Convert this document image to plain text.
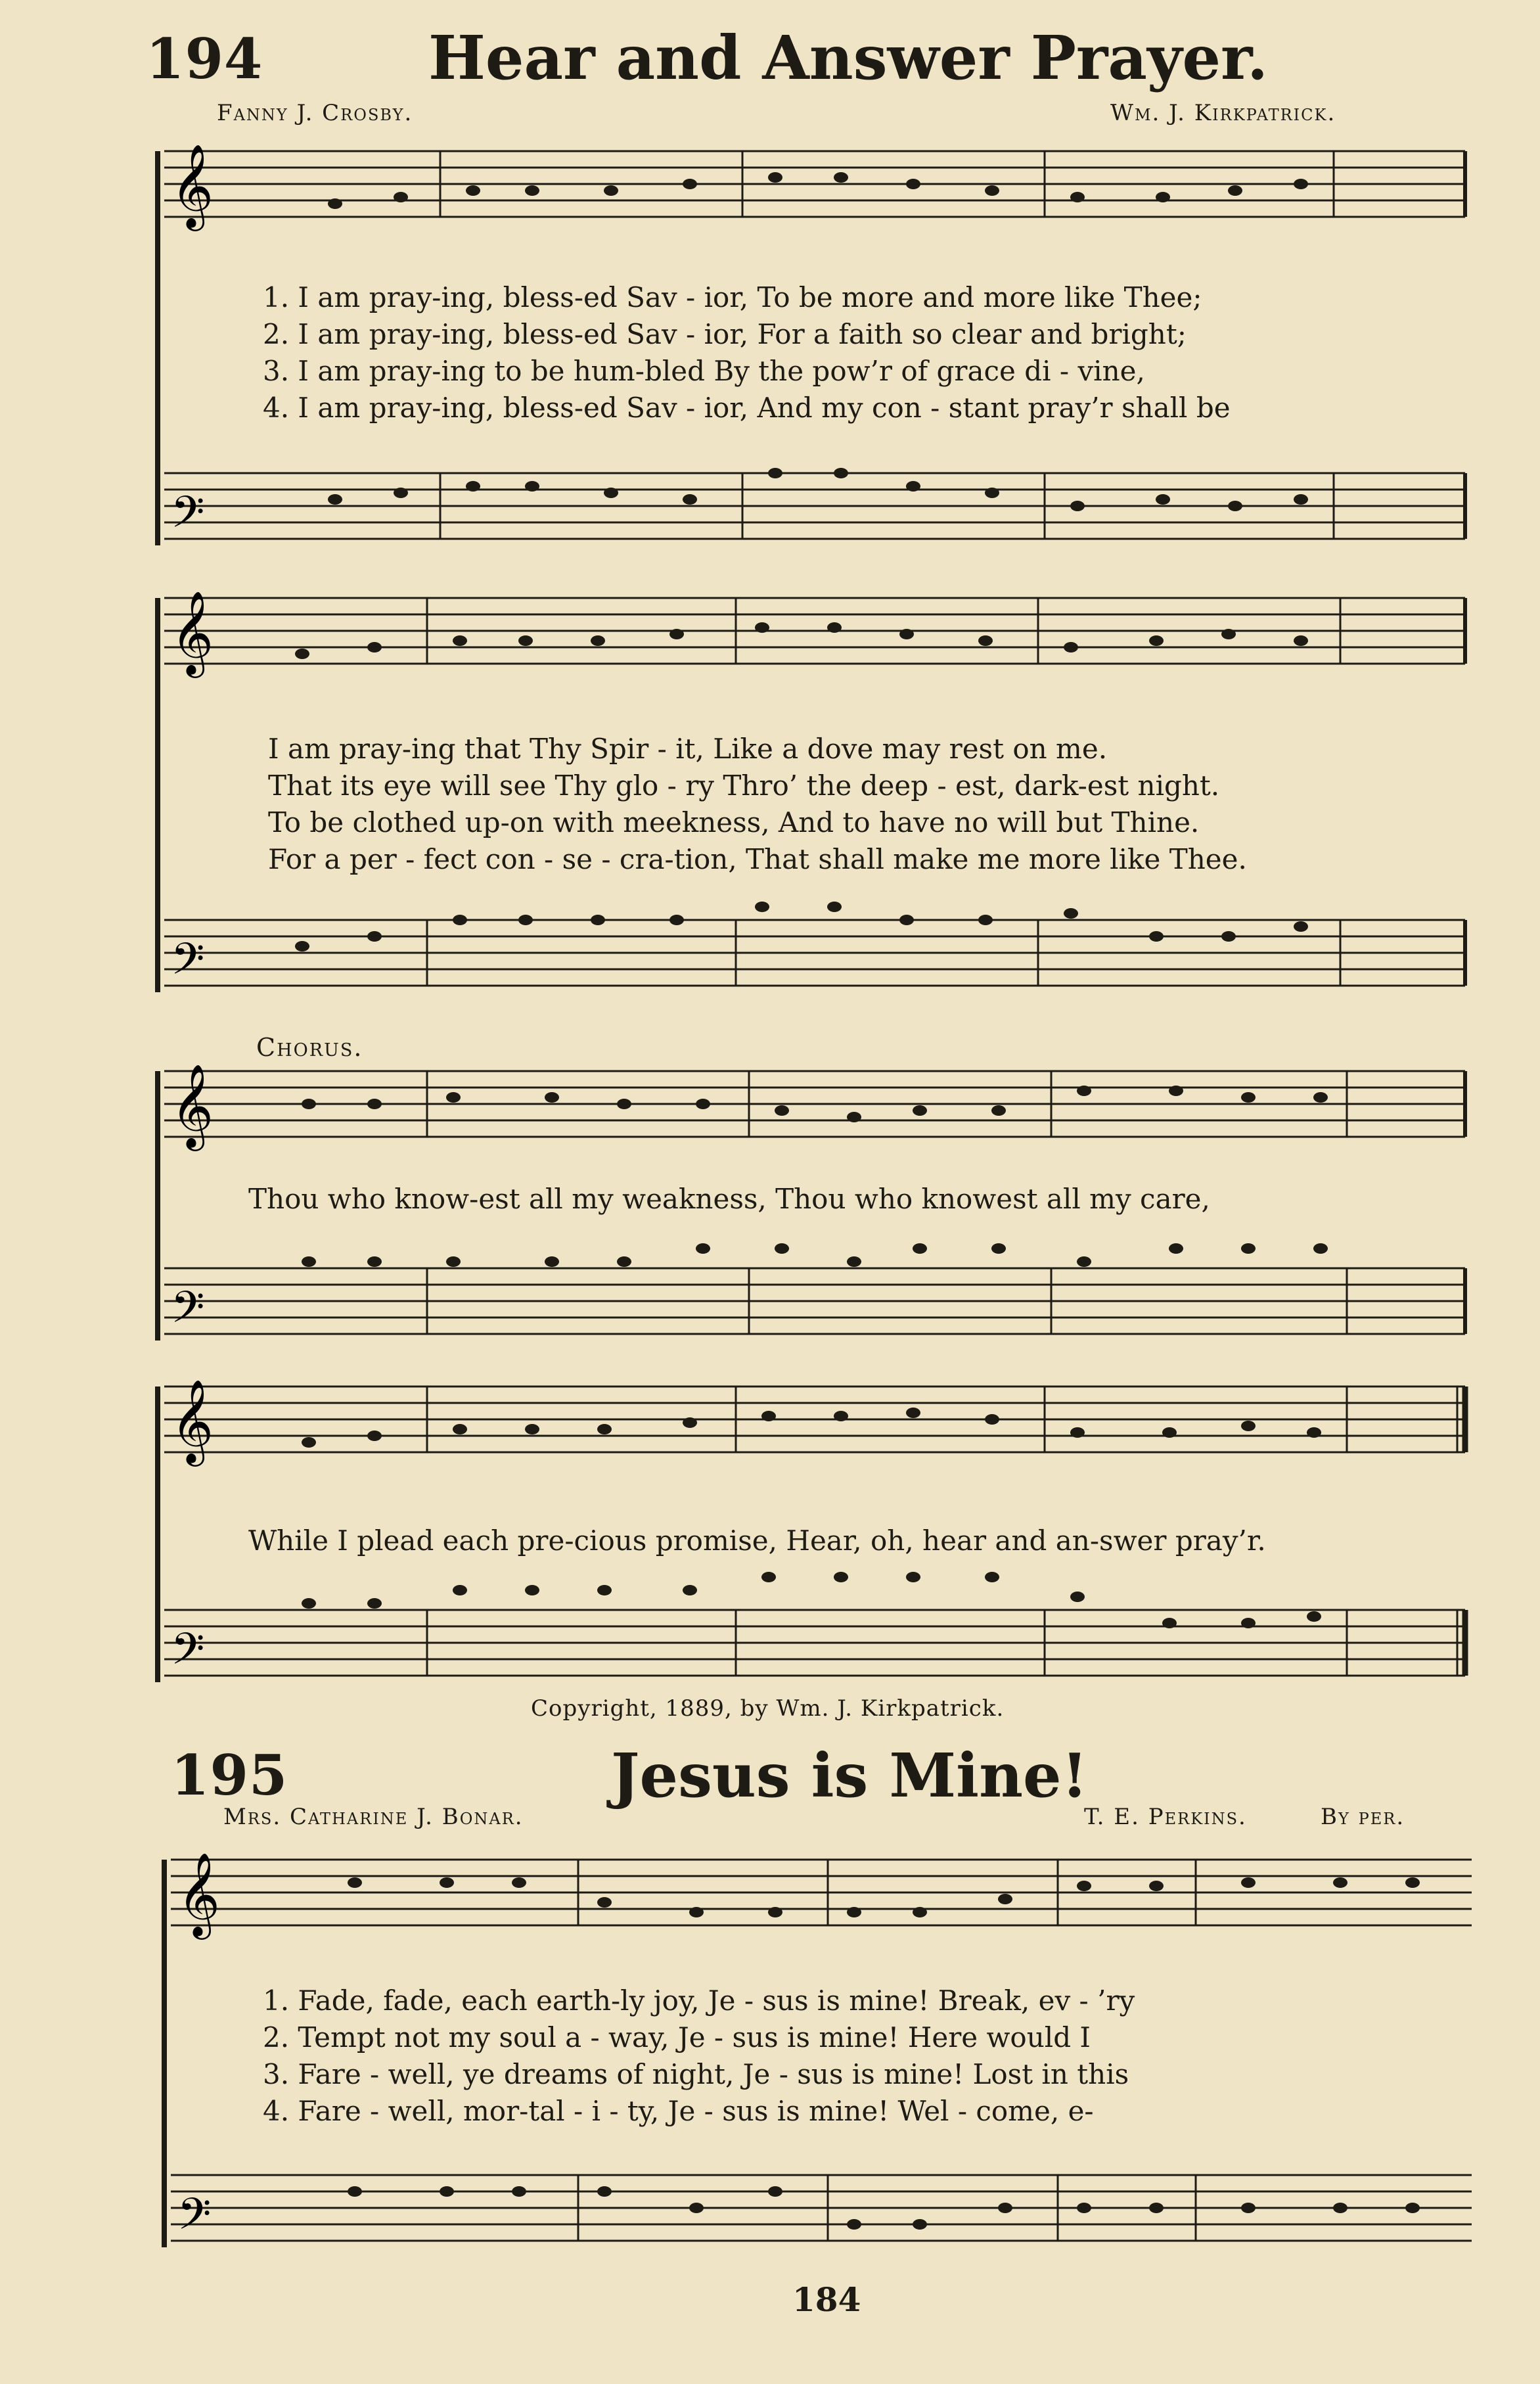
194	Hear and Answer Prayer.
Fanny J. Crosby.	Wm. J. Kirkpatrick.
𝄞
𝄢
1. I am pray-ing, bless-ed Sav - ior, To be more and more like Thee;
2. I am pray-ing, bless-ed Sav - ior, For a faith so clear and bright;
3. I am pray-ing to be hum-bled By the pow’r of grace di - vine,
4. I am pray-ing, bless-ed Sav - ior, And my con - stant pray’r shall be
𝄞
𝄢
I am pray-ing that Thy Spir - it, Like a dove may rest on me.
That its eye will see Thy glo - ry Thro’ the deep - est, dark-est night.
To be clothed up-on with meekness, And to have no will but Thine.
For a per - fect con - se - cra-tion, That shall make me more like Thee.
Chorus.
𝄞
𝄢
Thou who know-est all my weakness, Thou who knowest all my care,
𝄞
𝄢
While I plead each pre-cious promise, Hear, oh, hear and an-swer pray’r.
Copyright, 1889, by Wm. J. Kirkpatrick.
195	Jesus is Mine!
Mrs. Catharine J. Bonar.	T. E. Perkins.	By per.
𝄞
𝄢
1. Fade, fade, each earth-ly joy, Je - sus is mine! Break, ev - ’ry
2. Tempt not my soul a - way, Je - sus is mine! Here would I
3. Fare - well, ye dreams of night, Je - sus is mine! Lost in this
4. Fare - well, mor-tal - i - ty, Je - sus is mine! Wel - come, e-
184
